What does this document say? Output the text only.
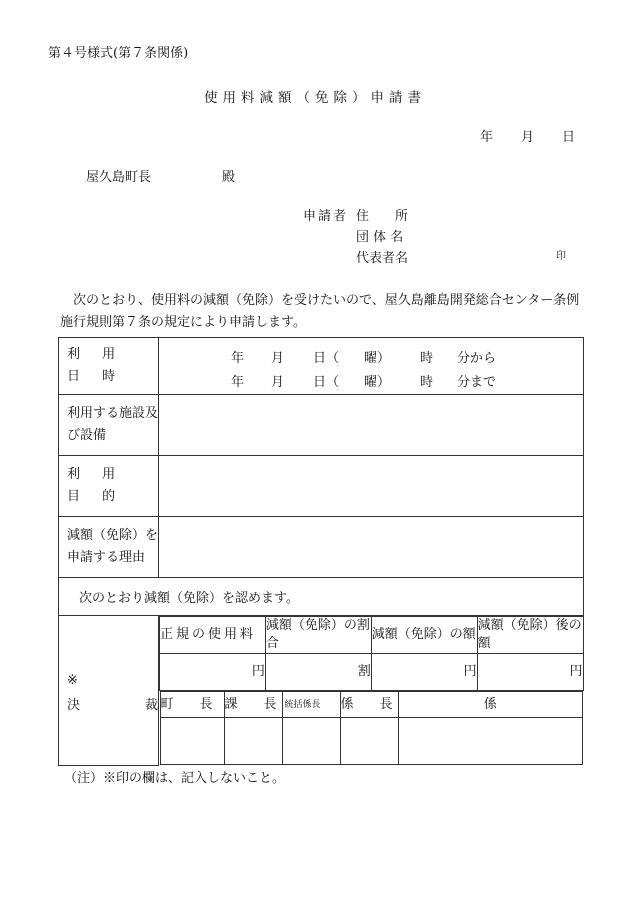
第４号様式(第７条関係)
使用料減額（免除）申請書
年 月 日
屋久島町長	殿
申請者 住　　所
団 体 名
代表者名	印
次のとおり、使用料の減額（免除）を受けたいので、屋久島離島開発総合センター条例施行規則第７条の規定により申請します。
利 用 日 時	
年 月 日（ 曜） 時 分から
年 月 日（ 曜） 時 分まで

利用する施設及び設備	
利 用 目 的	
減額（免除）を申請する理由	
次のとおり減額（免除）を認めます。

※
決　　　　　裁

正規の使用料	減額（免除）の割合	減額（免除）の額	減額（免除）後の額
円	割	円	円

町　　長	課　　長	統括係長	係　　長	係

（注）※印の欄は、記入しないこと。
